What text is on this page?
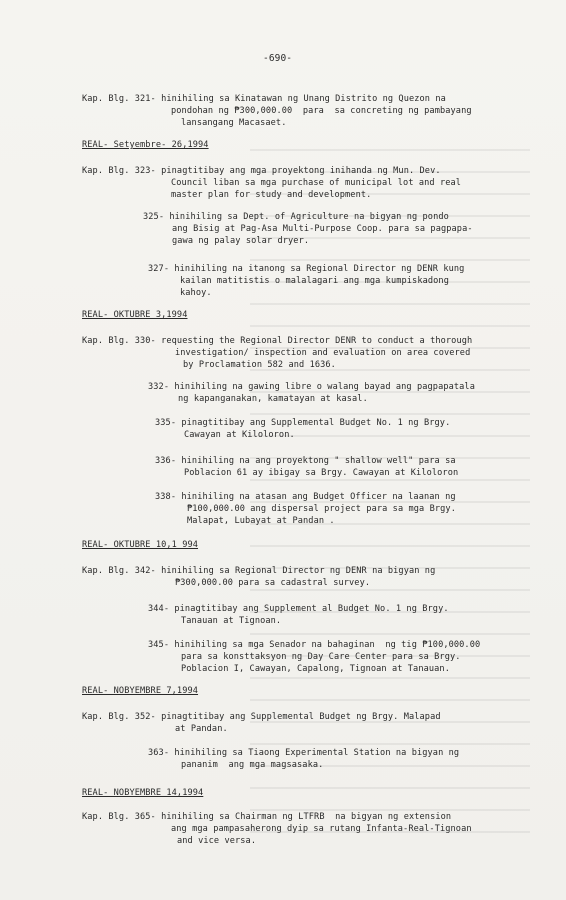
-690-
Kap. Blg. 321- hinihiling sa Kinatawan ng Unang Distrito ng Quezon na
pondohan ng ₱300,000.00  para  sa concreting ng pambayang
lansangang Macasaet.
REAL- Setyembre- 26,1994
Kap. Blg. 323- pinagtitibay ang mga proyektong inihanda ng Mun. Dev.
Council liban sa mga purchase of municipal lot and real
master plan for study and development.
325- hinihiling sa Dept. of Agriculture na bigyan ng pondo
ang Bisig at Pag-Asa Multi-Purpose Coop. para sa pagpapa-
gawa ng palay solar dryer.
327- hinihiling na itanong sa Regional Director ng DENR kung
kailan matitistis o malalagari ang mga kumpiskadong
kahoy.
REAL- OKTUBRE 3,1994
Kap. Blg. 330- requesting the Regional Director DENR to conduct a thorough
investigation/ inspection and evaluation on area covered
by Proclamation 582 and 1636.
332- hinihiling na gawing libre o walang bayad ang pagpapatala
ng kapanganakan, kamatayan at kasal.
335- pinagtitibay ang Supplemental Budget No. 1 ng Brgy.
Cawayan at Kiloloron.
336- hinihiling na ang proyektong " shallow well" para sa
Poblacion 61 ay ibigay sa Brgy. Cawayan at Kiloloron
338- hinihiling na atasan ang Budget Officer na laanan ng
₱100,000.00 ang dispersal project para sa mga Brgy.
Malapat, Lubayat at Pandan .
REAL- OKTUBRE 10,1 994
Kap. Blg. 342- hinihiling sa Regional Director ng DENR na bigyan ng
₱300,000.00 para sa cadastral survey.
344- pinagtitibay ang Supplement al Budget No. 1 ng Brgy.
Tanauan at Tignoan.
345- hinihiling sa mga Senador na bahaginan  ng tig ₱100,000.00
para sa konsttaksyon ng Day Care Center para sa Brgy.
Poblacion I, Cawayan, Capalong, Tignoan at Tanauan.
REAL- NOBYEMBRE 7,1994
Kap. Blg. 352- pinagtitibay ang Supplemental Budget ng Brgy. Malapad
at Pandan.
363- hinihiling sa Tiaong Experimental Station na bigyan ng
pananim  ang mga magsasaka.
REAL- NOBYEMBRE 14,1994
Kap. Blg. 365- hinihiling sa Chairman ng LTFRB  na bigyan ng extension
ang mga pampasaherong dyip sa rutang Infanta-Real-Tignoan
and vice versa.
